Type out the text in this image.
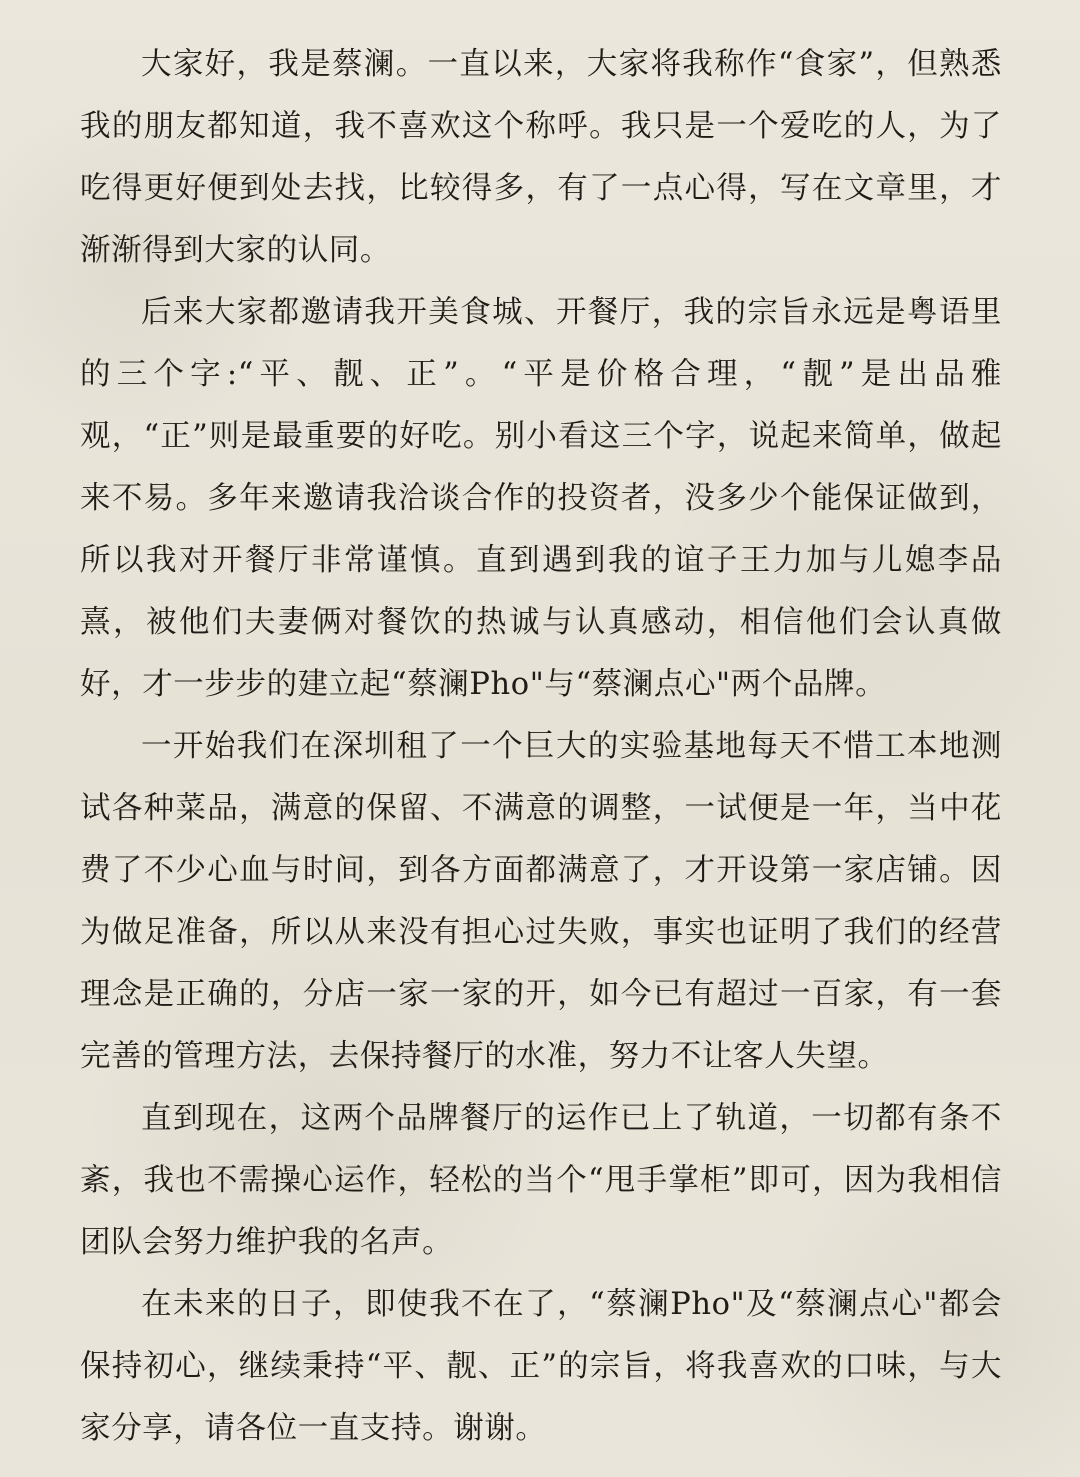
大家好，我是蔡澜。一直以来，大家将我称作“食家”，但熟悉我的朋友都知道，我不喜欢这个称呼。我只是一个爱吃的人，为了吃得更好便到处去找，比较得多，有了一点心得，写在文章里，才渐渐得到大家的认同。

后来大家都邀请我开美食城、开餐厅，我的宗旨永远是粤语里的三个字:“平、靓、正”。“平是价格合理，“靓”是出品雅观，“正”则是最重要的好吃。别小看这三个字，说起来简单，做起来不易。多年来邀请我洽谈合作的投资者，没多少个能保证做到，所以我对开餐厅非常谨慎。直到遇到我的谊子王力加与儿媳李品熹，被他们夫妻俩对餐饮的热诚与认真感动，相信他们会认真做好，才一步步的建立起“蔡澜Pho"与“蔡澜点心"两个品牌。

一开始我们在深圳租了一个巨大的实验基地每天不惜工本地测试各种菜品，满意的保留、不满意的调整，一试便是一年，当中花费了不少心血与时间，到各方面都满意了，才开设第一家店铺。因为做足准备，所以从来没有担心过失败，事实也证明了我们的经营理念是正确的，分店一家一家的开，如今已有超过一百家，有一套完善的管理方法，去保持餐厅的水准，努力不让客人失望。

直到现在，这两个品牌餐厅的运作已上了轨道，一切都有条不紊，我也不需操心运作，轻松的当个“甩手掌柜”即可，因为我相信团队会努力维护我的名声。

在未来的日子，即使我不在了，“蔡澜Pho"及“蔡澜点心"都会保持初心，继续秉持“平、靓、正”的宗旨，将我喜欢的口味，与大家分享，请各位一直支持。谢谢。
